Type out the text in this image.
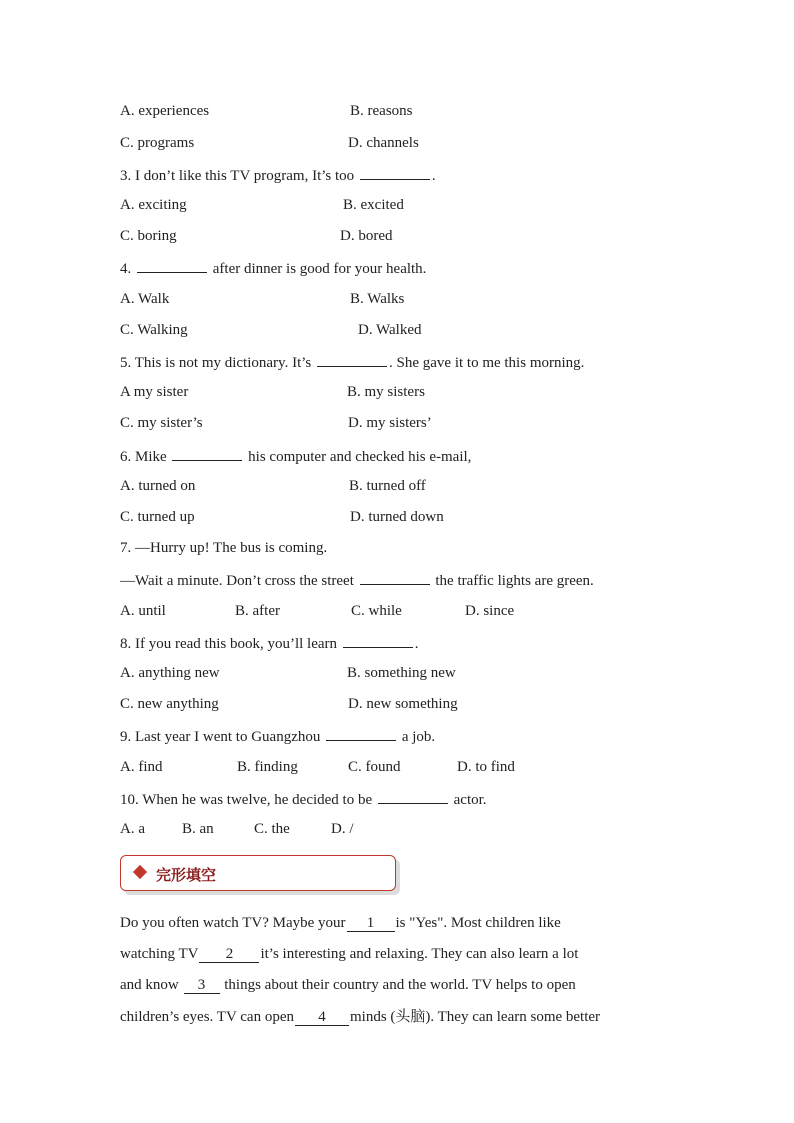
A. experiences	B. reasons
C. programs	D. channels
3. I don’t like this TV program, It’s too	.
A. exciting	B. excited
C. boring	D. bored
4.	after dinner is good for your health.
A. Walk	B. Walks
C. Walking	D. Walked
5. This is not my dictionary. It’s	. She gave it to me this morning.
A my sister	B. my sisters
C. my sister’s	D. my sisters’
6. Mike	his computer and checked his e-mail,
A. turned on	B. turned off
C. turned up	D. turned down
7. —Hurry up! The bus is coming.
—Wait a minute. Don’t cross the street	the traffic lights are green.
A. until	B. after	C. while	D. since
8. If you read this book, you’ll learn	.
A. anything new	B. something new
C. new anything	D. new something
9. Last year I went to Guangzhou	a job.
A. find	B. finding	C. found	D. to find
10. When he was twelve, he decided to be	actor.
A. a B. an	C. the	D. /
完形填空
Do you often watch TV? Maybe your 1 is "Yes". Most children like
watching TV 2 it’s interesting and relaxing. They can also learn a lot
and know 3 things about their country and the world. TV helps to open
children’s eyes. TV can open 4 minds (头脑). They can learn some better
